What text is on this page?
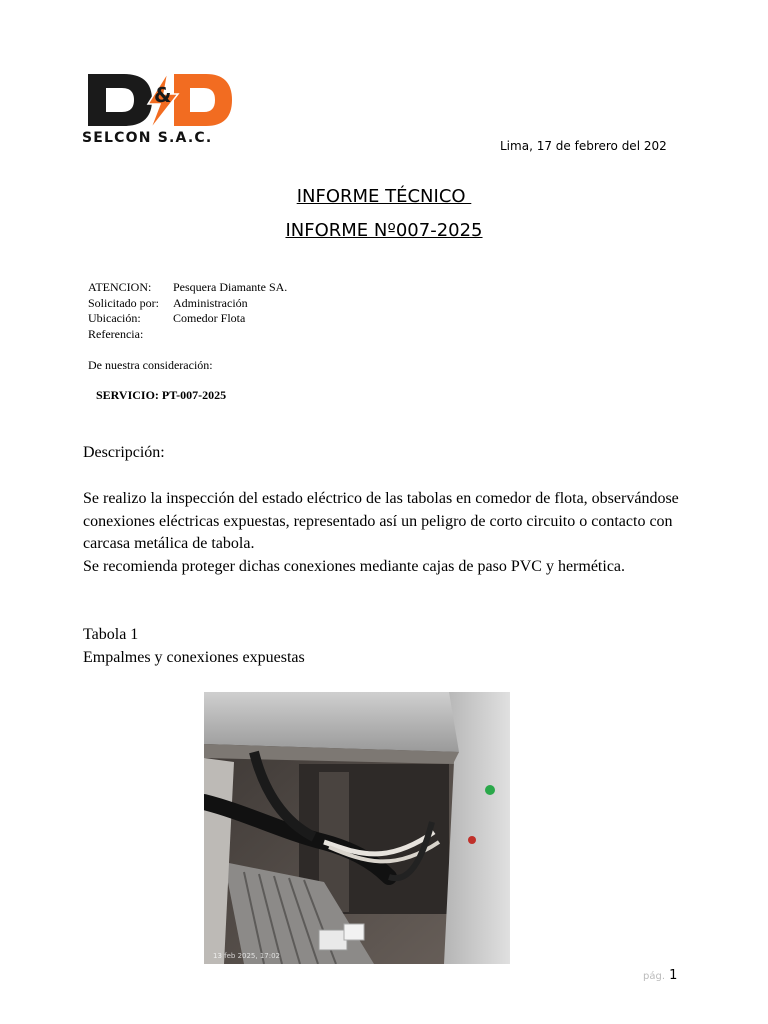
&
SELCON S.A.C.	Lima, 17 de febrero del 202
INFORME TÉCNICO
INFORME Nº007-2025
ATENCION:	Pesquera Diamante SA.
Solicitado por:	Administración
Ubicación:	Comedor Flota
Referencia:
De nuestra consideración:
SERVICIO: PT-007-2025
Descripción:

Se realizo la inspección del estado eléctrico de las tabolas en comedor de flota, observándose conexiones eléctricas expuestas, representado así un peligro de corto circuito o contacto con carcasa metálica de tabola.

Se recomienda proteger dichas conexiones mediante cajas de paso PVC y hermética.

Tabola 1
Empalmes y conexiones expuestas
13 feb 2025, 17:02
pág. 1
